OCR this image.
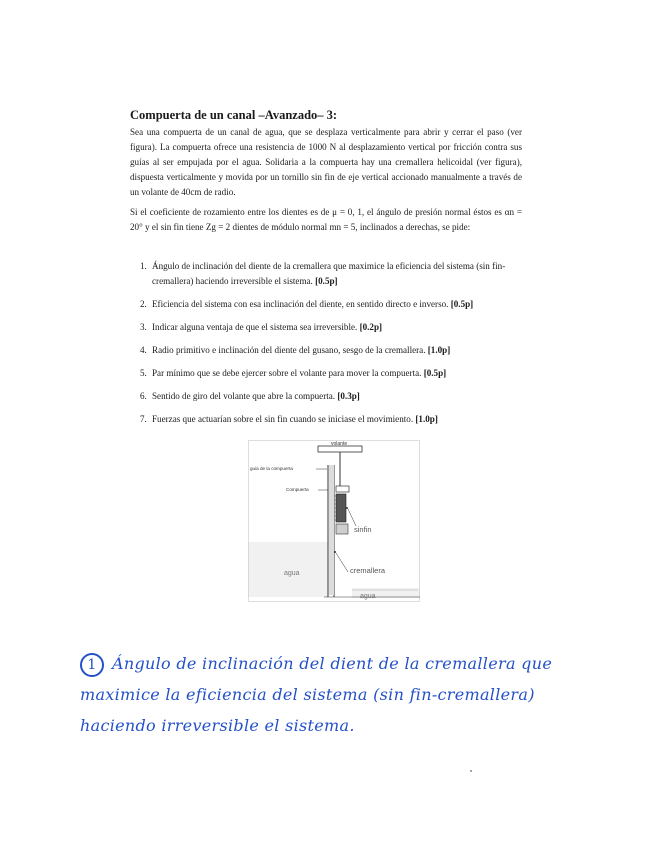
Compuerta de un canal –Avanzado– 3:
Sea una compuerta de un canal de agua, que se desplaza verticalmente para abrir y cerrar el paso (ver figura). La compuerta ofrece una resistencia de 1000 N al desplazamiento vertical por fricción contra sus guías al ser empujada por el agua. Solidaria a la compuerta hay una cremallera helicoidal (ver figura), dispuesta verticalmente y movida por un tornillo sin fin de eje vertical accionado manualmente a través de un volante de 40cm de radio.
Si el coeficiente de rozamiento entre los dientes es de μ = 0, 1, el ángulo de presión normal éstos es αn = 20° y el sin fin tiene Zg = 2 dientes de módulo normal mn = 5, inclinados a derechas, se pide:
1. Ángulo de inclinación del diente de la cremallera que maximice la eficiencia del sistema (sin fin-cremallera) haciendo irreversible el sistema. [0.5p]
2. Eficiencia del sistema con esa inclinación del diente, en sentido directo e inverso. [0.5p]
3. Indicar alguna ventaja de que el sistema sea irreversible. [0.2p]
4. Radio primitivo e inclinación del diente del gusano, sesgo de la cremallera. [1.0p]
5. Par mínimo que se debe ejercer sobre el volante para mover la compuerta. [0.5p]
6. Sentido de giro del volante que abre la compuerta. [0.3p]
7. Fuerzas que actuarían sobre el sin fin cuando se iniciase el movimiento. [1.0p]
volante
guia de la compuerta
Compuerta
sinfin
cremallera
agua
agua
1 Ángulo de inclinación del dient de la cremallera que maximice la eficiencia del sistema (sin fin-cremallera) haciendo irreversible el sistema.
